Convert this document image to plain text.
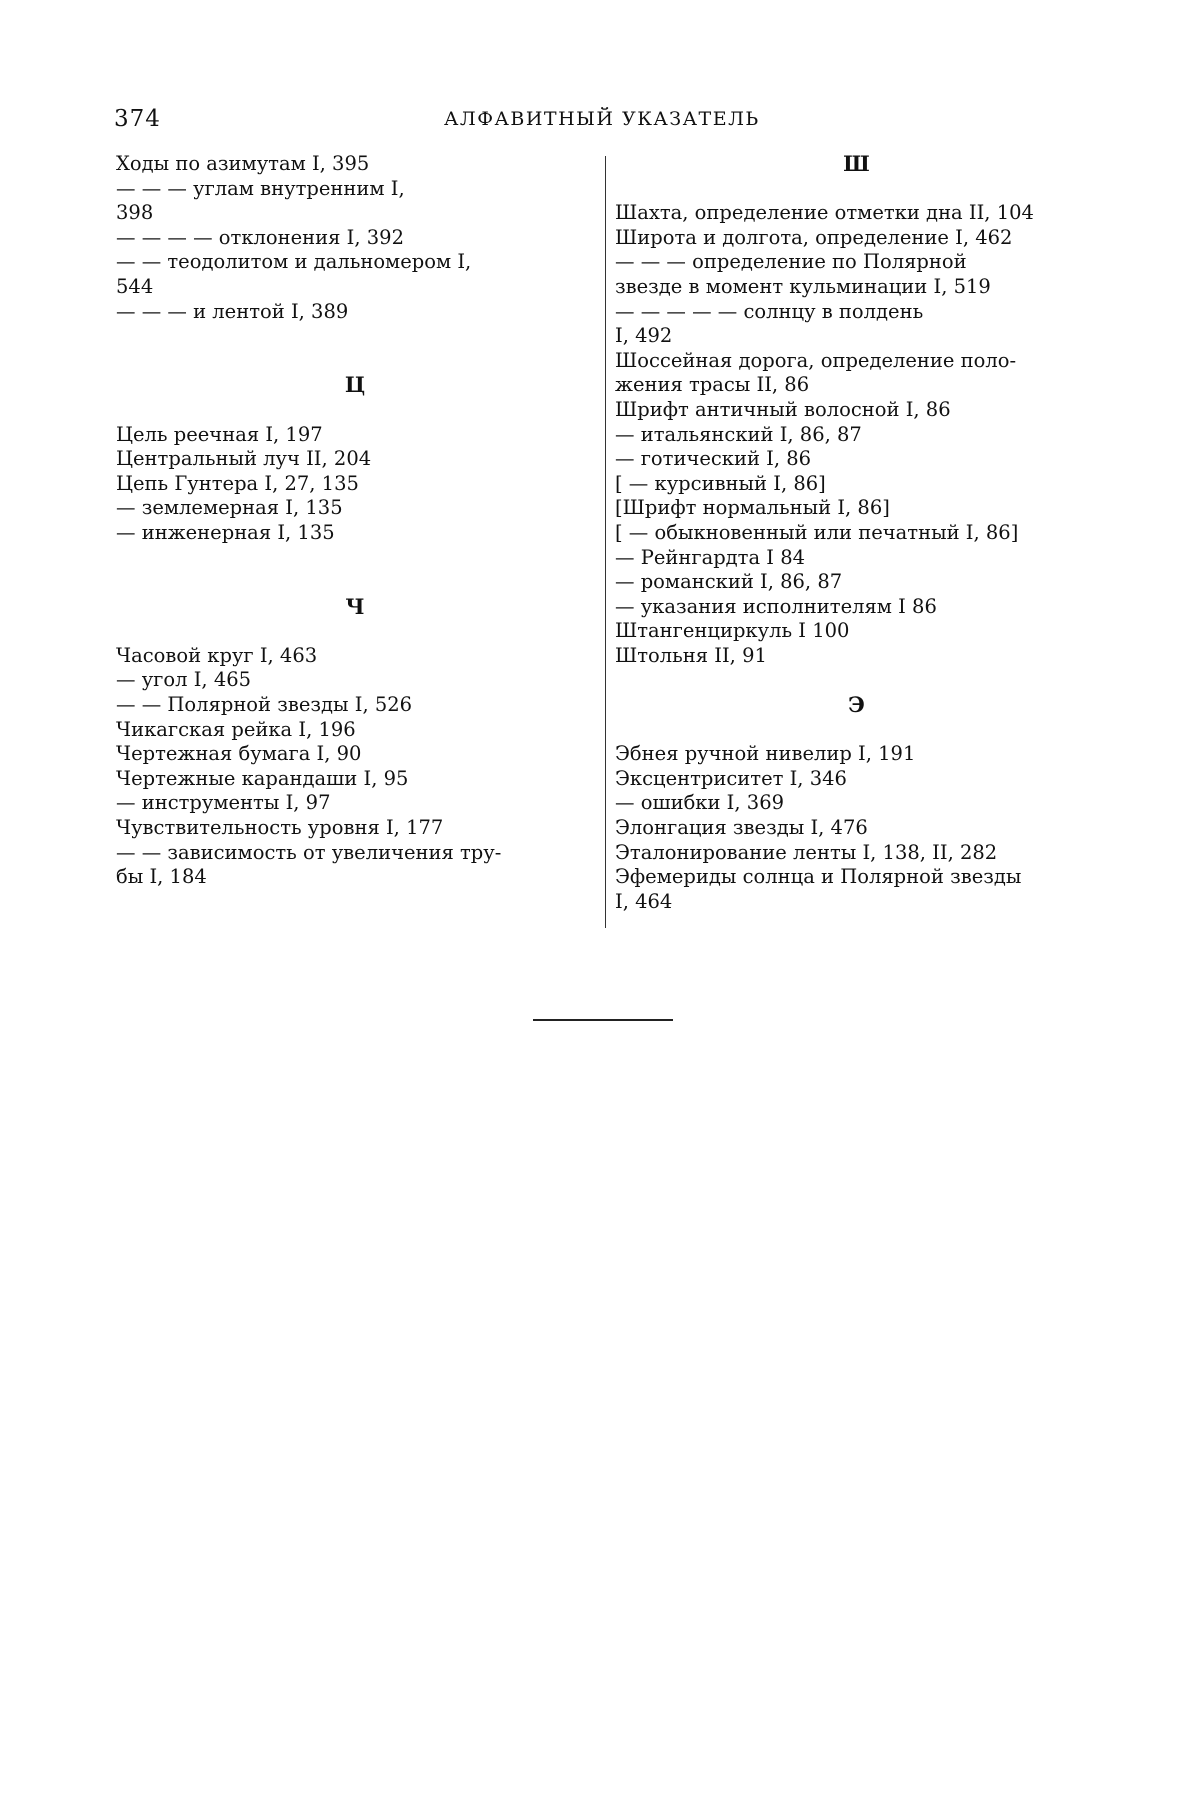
374	АЛФАВИТНЫЙ УКАЗАТЕЛЬ
Ходы по азимутам I, 395
— — — углам внутренним I,
398
— — — — отклонения I, 392
— — теодолитом и дальномером I,
544
— — — и лентой I, 389
Ц
Цель реечная I, 197
Центральный луч II, 204
Цепь Гунтера I, 27, 135
— землемерная I, 135
— инженерная I, 135
Ч
Часовой круг I, 463
— угол I, 465
— — Полярной звезды I, 526
Чикагская рейка I, 196
Чертежная бумага I, 90
Чертежные карандаши I, 95
— инструменты I, 97
Чувствительность уровня I, 177
— — зависимость от увеличения тру-
бы I, 184
Ш
Шахта, определение отметки дна II, 104
Широта и долгота, определение I, 462
— — — определение по Полярной
звезде в момент кульминации I, 519
— — — — — солнцу в полдень
I, 492
Шоссейная дорога, определение поло-
жения трасы II, 86
Шрифт античный волосной I, 86
— итальянский I, 86, 87
— готический I, 86
[ — курсивный I, 86]
[Шрифт нормальный I, 86]
[ — обыкновенный или печатный I, 86]
— Рейнгардта I 84
— романский I, 86, 87
— указания исполнителям I 86
Штангенциркуль I 100
Штольня II, 91
Э
Эбнея ручной нивелир I, 191
Эксцентриситет I, 346
— ошибки I, 369
Элонгация звезды I, 476
Эталонирование ленты I, 138, II, 282
Эфемериды солнца и Полярной звезды
I, 464
